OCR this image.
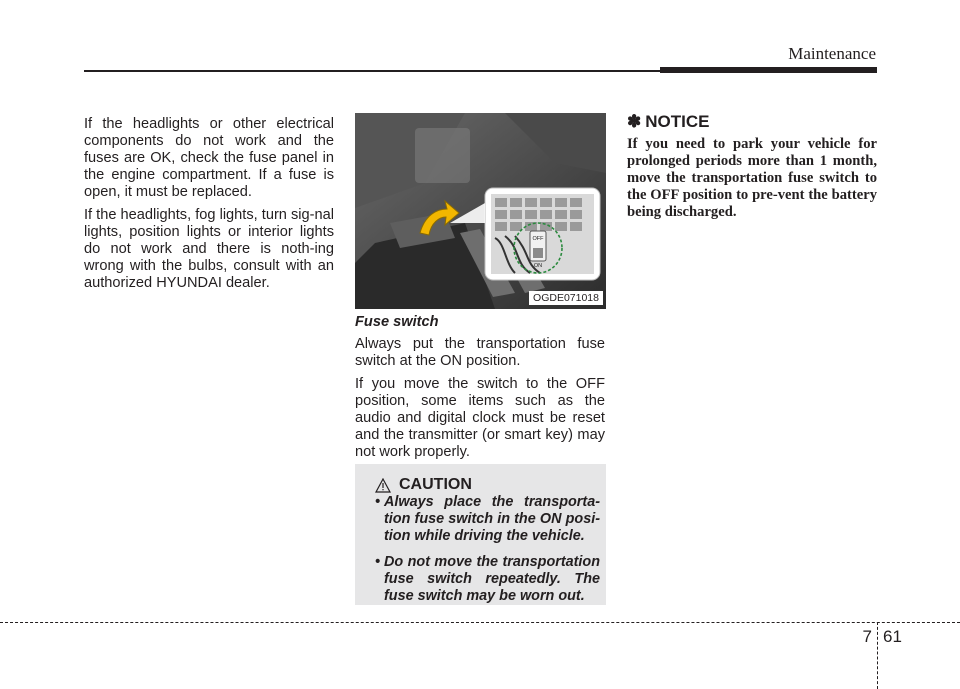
Maintenance

If the headlights or other electrical components do not work and the fuses are OK, check the fuse panel in the engine compartment. If a fuse is open, it must be replaced.

If the headlights, fog lights, turn sig-nal lights, position lights or interior lights do not work and there is noth-ing wrong with the bulbs, consult with an authorized HYUNDAI dealer.

OFF
ON
OGDE071018
Fuse switch

Always put the transportation fuse switch at the ON position.

If you move the switch to the OFF position, some items such as the audio and digital clock must be reset and the transmitter (or smart key) may not work properly.

CAUTION
• Always place the transporta-tion fuse switch in the ON posi-tion while driving the vehicle.
• Do not move the transportation fuse switch repeatedly. The fuse switch may be worn out.
✽ NOTICE
If you need to park your vehicle for prolonged periods more than 1 month, move the transportation fuse switch to the OFF position to pre-vent the battery being discharged.
7 61
